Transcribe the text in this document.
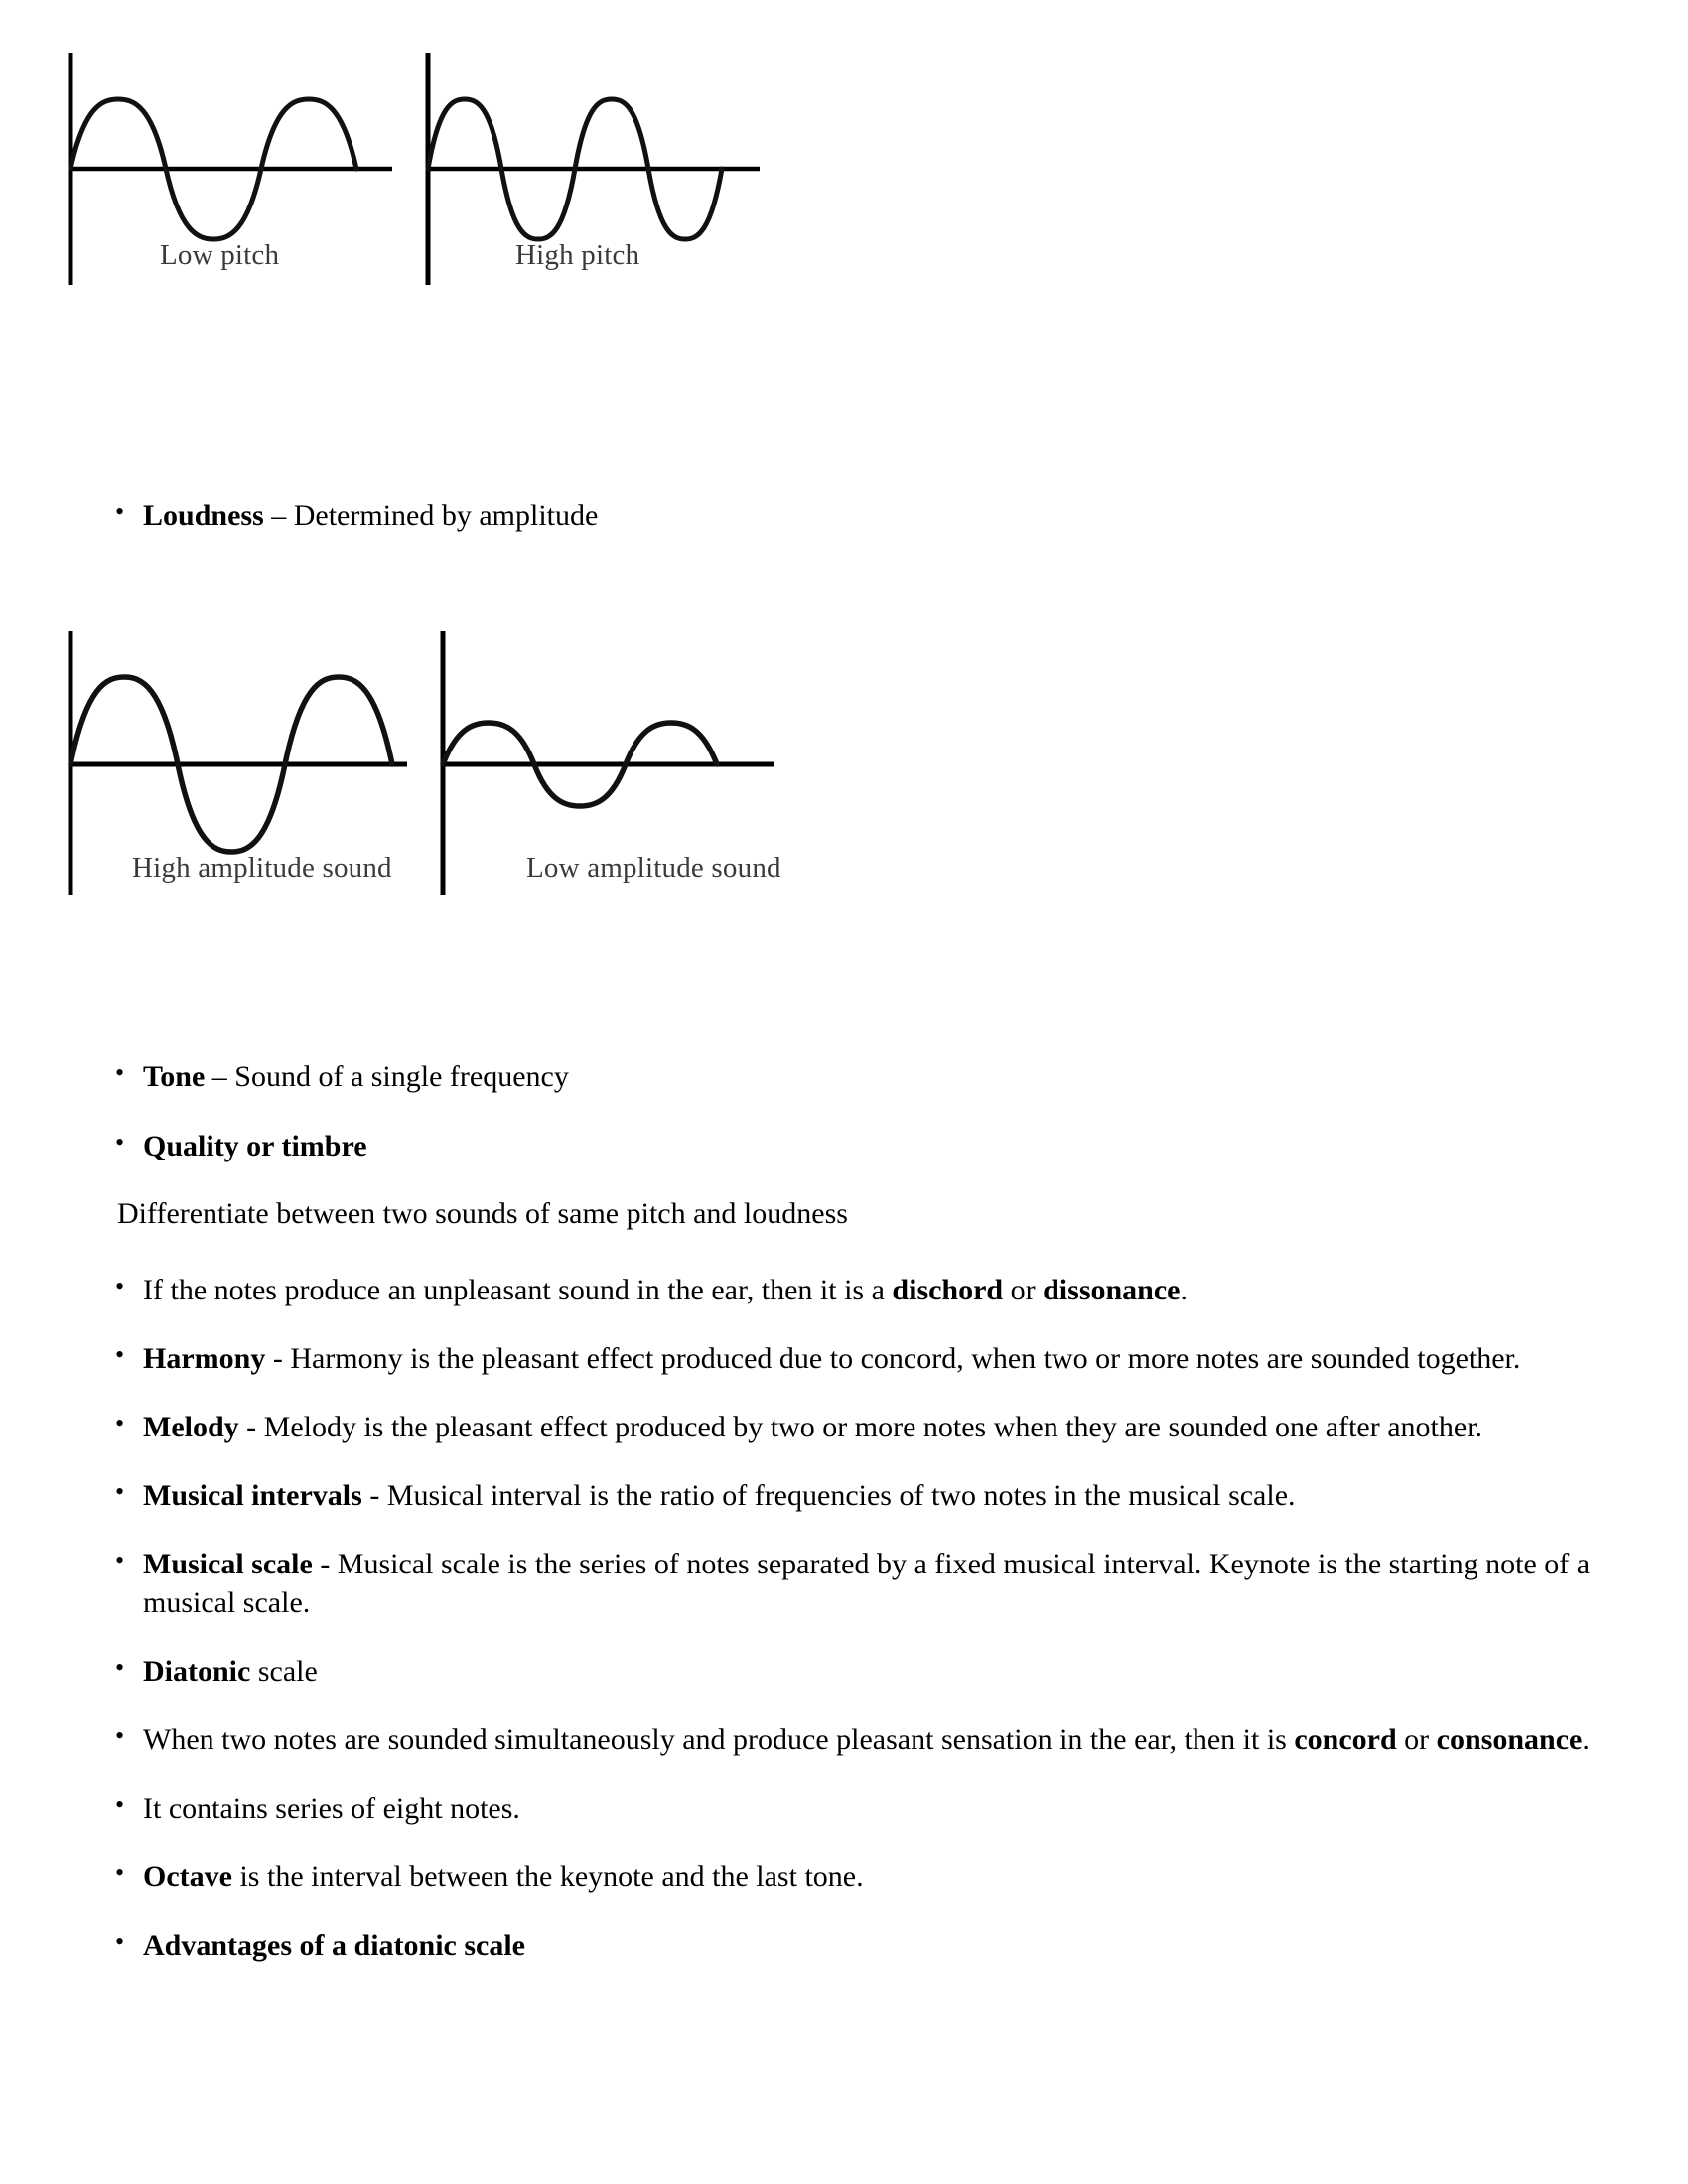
Low pitch	High pitch
High amplitude sound	Low amplitude sound
• Loudness – Determined by amplitude
• Tone – Sound of a single frequency
• Quality or timbre
Differentiate between two sounds of same pitch and loudness
• If the notes produce an unpleasant sound in the ear, then it is a dischord or dissonance.
• Harmony - Harmony is the pleasant effect produced due to concord, when two or more notes are sounded together.
• Melody - Melody is the pleasant effect produced by two or more notes when they are sounded one after another.
• Musical intervals - Musical interval is the ratio of frequencies of two notes in the musical scale.
• Musical scale - Musical scale is the series of notes separated by a fixed musical interval. Keynote is the starting note of a musical scale.
• Diatonic scale
• When two notes are sounded simultaneously and produce pleasant sensation in the ear, then it is concord or consonance.
• It contains series of eight notes.
• Octave is the interval between the keynote and the last tone.
• Advantages of a diatonic scale
